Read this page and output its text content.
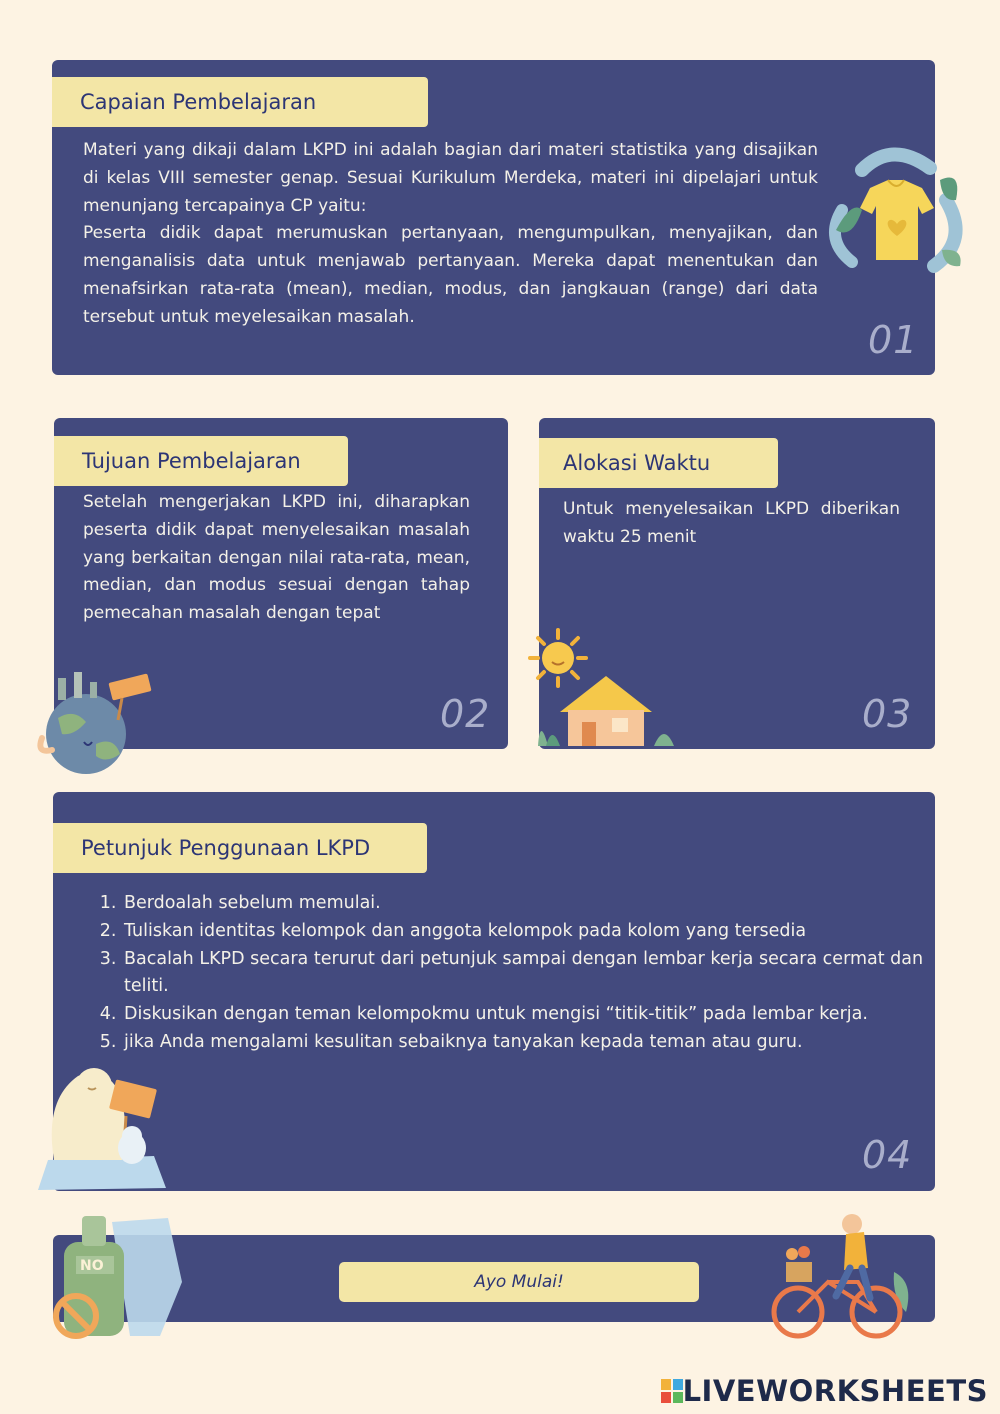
Capaian Pembelajaran
Materi yang dikaji dalam LKPD ini adalah bagian dari materi statistika yang disajikan di kelas VIII semester genap. Sesuai Kurikulum Merdeka, materi ini dipelajari untuk menunjang tercapainya CP yaitu:
Peserta didik dapat merumuskan pertanyaan, mengumpulkan, menyajikan, dan menganalisis data untuk menjawab pertanyaan. Mereka dapat menentukan dan menafsirkan rata-rata (mean), median, modus, dan jangkauan (range) dari data tersebut untuk meyelesaikan masalah.
01
Tujuan Pembelajaran
Setelah mengerjakan LKPD ini, diharapkan peserta didik dapat menyelesaikan masalah yang berkaitan dengan nilai rata-rata, mean, median, dan modus sesuai dengan tahap pemecahan masalah dengan tepat
02
Alokasi Waktu
Untuk menyelesaikan LKPD diberikan waktu 25 menit
03
Petunjuk Penggunaan LKPD
1. Berdoalah sebelum memulai.
2. Tuliskan identitas kelompok dan anggota kelompok pada kolom yang tersedia
3. Bacalah LKPD secara terurut dari petunjuk sampai dengan lembar kerja secara cermat dan teliti.
4. Diskusikan dengan teman kelompokmu untuk mengisi “titik-titik” pada lembar kerja.
5. jika Anda mengalami kesulitan sebaiknya tanyakan kepada teman atau guru.
04
Ayo Mulai!
NO
LIVEWORKSHEETS
